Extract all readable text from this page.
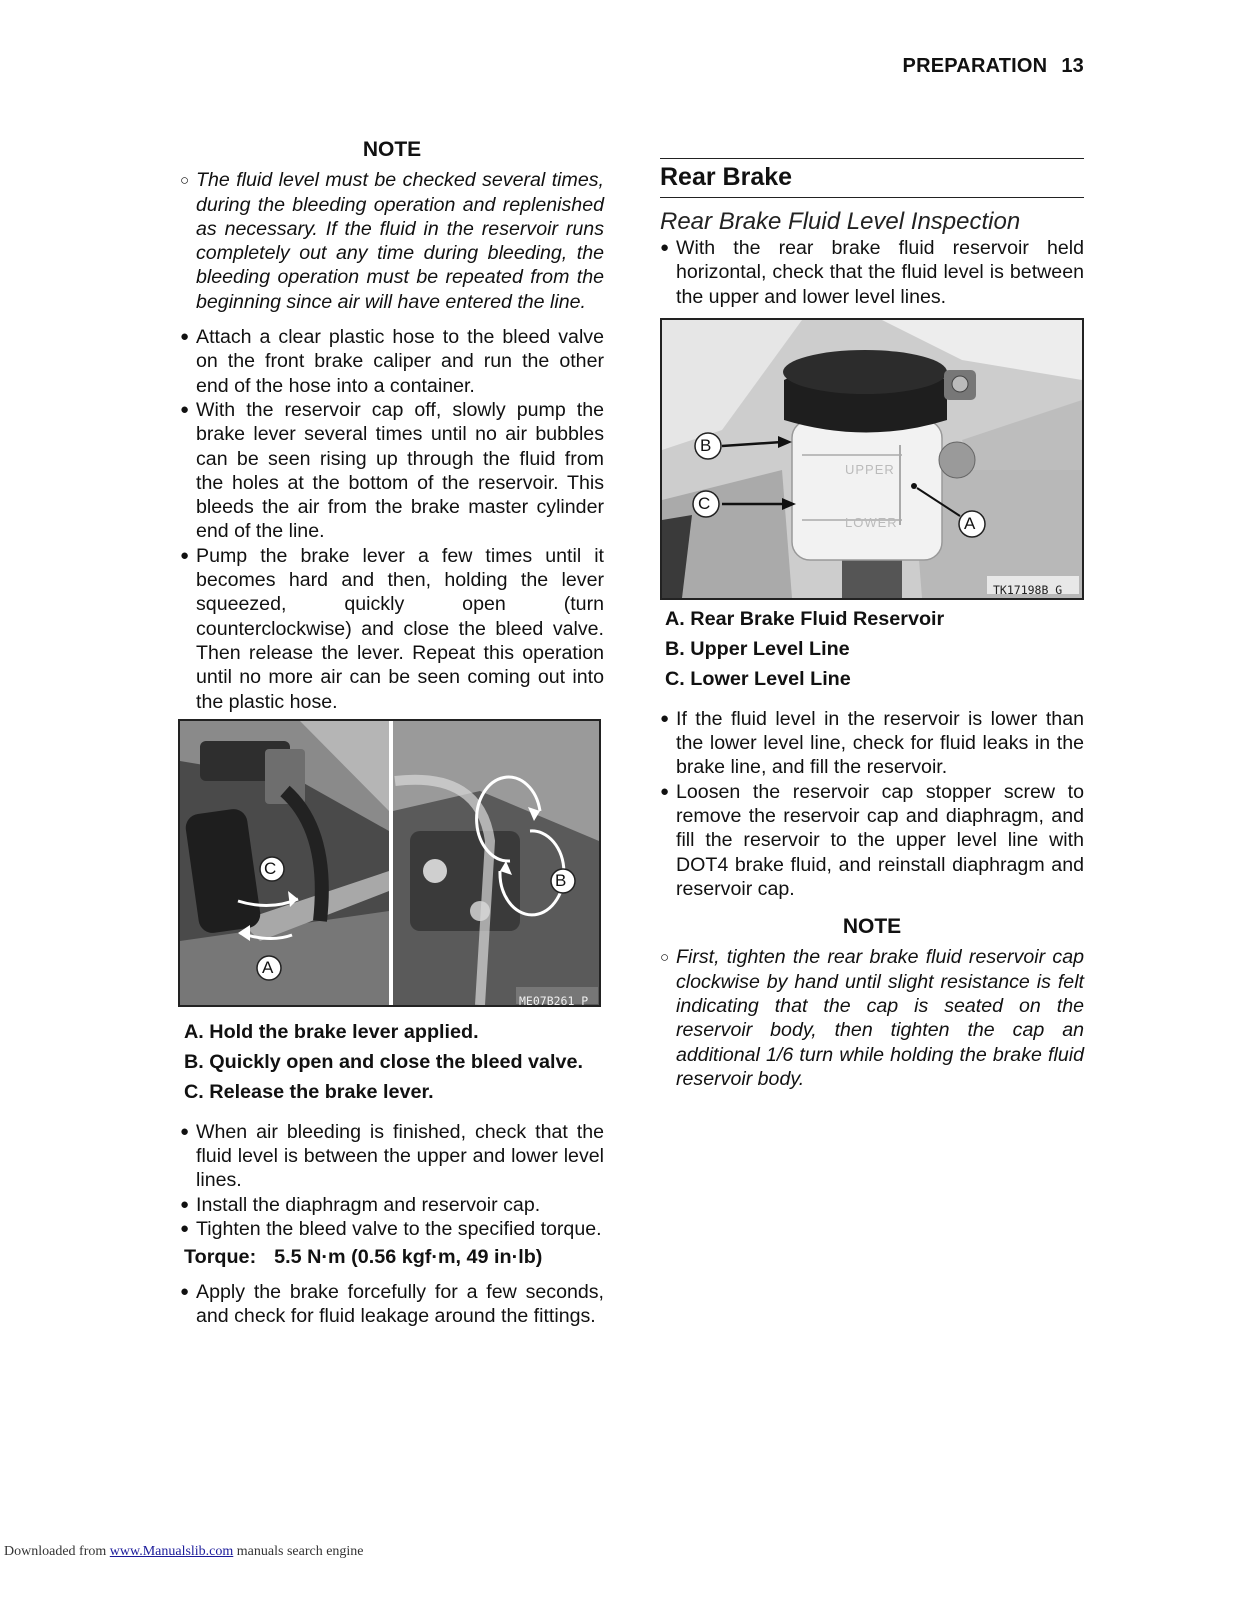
PREPARATION 13
NOTE
○ The fluid level must be checked several times, during the bleeding operation and replenished as necessary. If the fluid in the reservoir runs completely out any time during bleeding, the bleeding operation must be repeated from the beginning since air will have entered the line.
● Attach a clear plastic hose to the bleed valve on the front brake caliper and run the other end of the hose into a container.
● With the reservoir cap off, slowly pump the brake lever several times until no air bubbles can be seen rising up through the fluid from the holes at the bottom of the reservoir. This bleeds the air from the brake master cylinder end of the line.
● Pump the brake lever a few times until it becomes hard and then, holding the lever squeezed, quickly open (turn counterclockwise) and close the bleed valve. Then release the lever. Repeat this operation until no more air can be seen coming out into the plastic hose.
ME07B261 P
C
A
B
A. Hold the brake lever applied.
B. Quickly open and close the bleed valve.
C. Release the brake lever.
● When air bleeding is finished, check that the fluid level is between the upper and lower level lines.
● Install the diaphragm and reservoir cap.
● Tighten the bleed valve to the specified torque.
Torque: 5.5 N·m (0.56 kgf·m, 49 in·lb)
● Apply the brake forcefully for a few seconds, and check for fluid leakage around the fittings.
Rear Brake
Rear Brake Fluid Level Inspection
● With the rear brake fluid reservoir held horizontal, check that the fluid level is between the upper and lower level lines.
UPPER
LOWER
B
C
A
TK17198B G
A. Rear Brake Fluid Reservoir
B. Upper Level Line
C. Lower Level Line
● If the fluid level in the reservoir is lower than the lower level line, check for fluid leaks in the brake line, and fill the reservoir.
● Loosen the reservoir cap stopper screw to remove the reservoir cap and diaphragm, and fill the reservoir to the upper level line with DOT4 brake fluid, and reinstall diaphragm and reservoir cap.
NOTE
○ First, tighten the rear brake fluid reservoir cap clockwise by hand until slight resistance is felt indicating that the cap is seated on the reservoir body, then tighten the cap an additional 1/6 turn while holding the brake fluid reservoir body.
Downloaded from www.Manualslib.com manuals search engine
